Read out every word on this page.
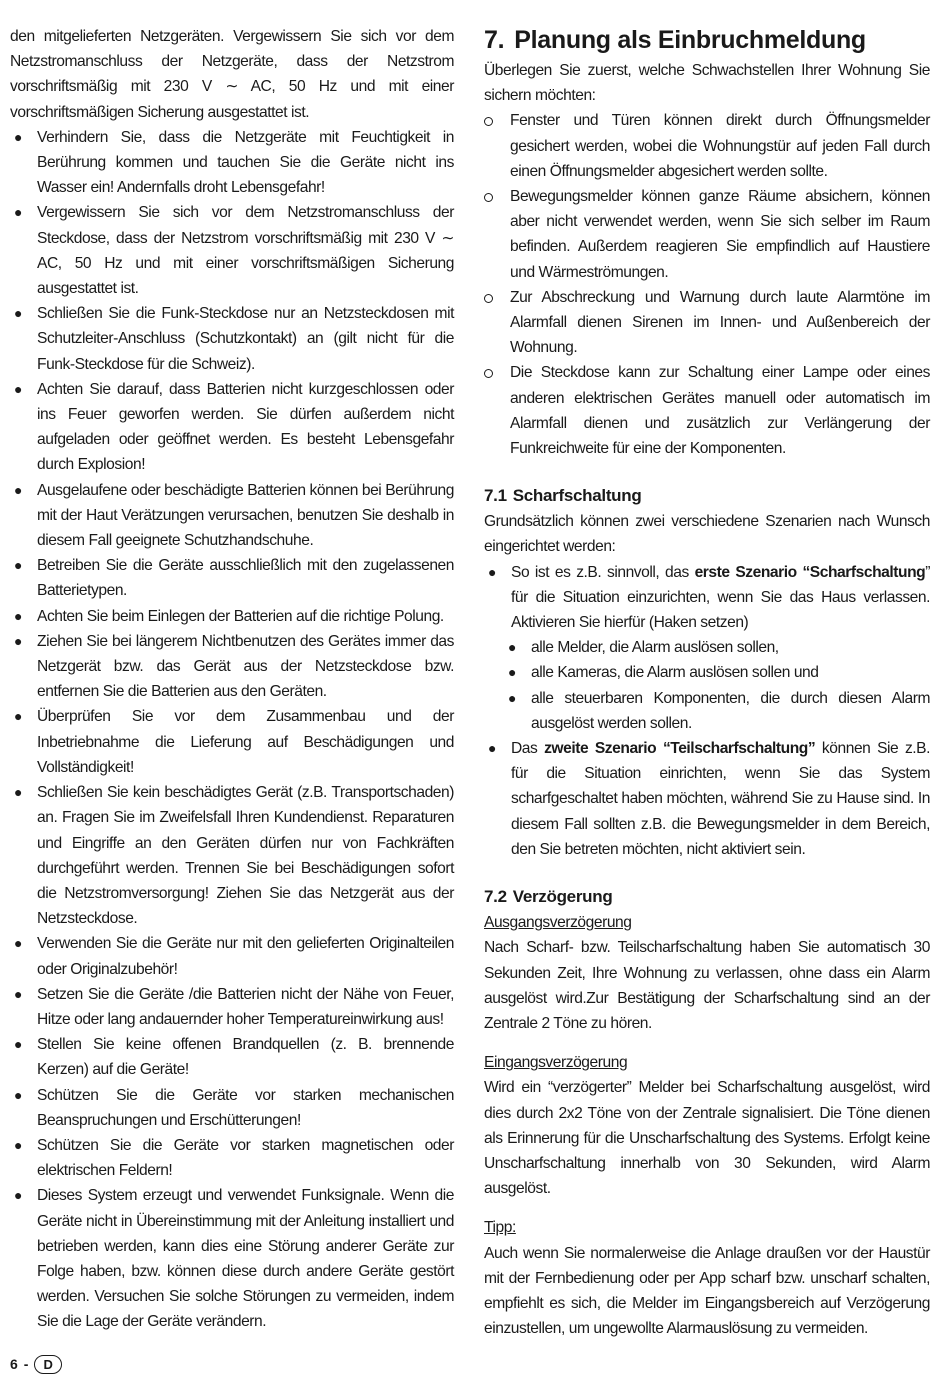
den mitgelieferten Netzgeräten. Vergewissern Sie sich vor dem Netzstromanschluss der Netzgeräte, dass der Netzstrom vorschriftsmäßig mit 230 V ∼ AC, 50 Hz und mit einer vorschriftsmäßigen Sicherung ausgestattet ist.

● Verhindern Sie, dass die Netzgeräte mit Feuchtigkeit in Berührung kommen und tauchen Sie die Geräte nicht ins Wasser ein! Andernfalls droht Lebensgefahr!
● Vergewissern Sie sich vor dem Netzstromanschluss der Steckdose, dass der Netzstrom vorschriftsmäßig mit 230 V ∼ AC, 50 Hz und mit einer vorschriftsmäßigen Sicherung ausgestattet ist.
● Schließen Sie die Funk-Steckdose nur an Netzsteckdosen mit Schutzleiter-Anschluss (Schutzkontakt) an (gilt nicht für die Funk-Steckdose für die Schweiz).
● Achten Sie darauf, dass Batterien nicht kurzgeschlossen oder ins Feuer geworfen werden. Sie dürfen außerdem nicht aufgeladen oder geöffnet werden. Es besteht Lebensgefahr durch Explosion!
● Ausgelaufene oder beschädigte Batterien können bei Berührung mit der Haut Verätzungen verursachen, benutzen Sie deshalb in diesem Fall geeignete Schutzhandschuhe.
● Betreiben Sie die Geräte ausschließlich mit den zugelassenen Batterietypen.
● Achten Sie beim Einlegen der Batterien auf die richtige Polung.
● Ziehen Sie bei längerem Nichtbenutzen des Gerätes immer das Netzgerät bzw. das Gerät aus der Netzsteckdose bzw. entfernen Sie die Batterien aus den Geräten.
● Überprüfen Sie vor dem Zusammenbau und der Inbetriebnahme die Lieferung auf Beschädigungen und Vollständigkeit!
● Schließen Sie kein beschädigtes Gerät (z.B. Transportschaden) an. Fragen Sie im Zweifelsfall Ihren Kundendienst. Reparaturen und Eingriffe an den Geräten dürfen nur von Fachkräften durchgeführt werden. Trennen Sie bei Beschädigungen sofort die Netzstromversorgung! Ziehen Sie das Netzgerät aus der Netzsteckdose.
● Verwenden Sie die Geräte nur mit den gelieferten Originalteilen oder Originalzubehör!
● Setzen Sie die Geräte /die Batterien nicht der Nähe von Feuer, Hitze oder lang andauernder hoher Temperatureinwirkung aus!
● Stellen Sie keine offenen Brandquellen (z. B. brennende Kerzen) auf die Geräte!
● Schützen Sie die Geräte vor starken mechanischen Beanspruchungen und Erschütterungen!
● Schützen Sie die Geräte vor starken magnetischen oder elektrischen Feldern!
● Dieses System erzeugt und verwendet Funksignale. Wenn die Geräte nicht in Übereinstimmung mit der Anleitung installiert und betrieben werden, kann dies eine Störung anderer Geräte zur Folge haben, bzw. können diese durch andere Geräte gestört werden. Versuchen Sie solche Störungen zu vermeiden, indem Sie die Lage der Geräte verändern.
7. Planung als Einbruchmeldung

Überlegen Sie zuerst, welche Schwachstellen Ihrer Wohnung Sie sichern möchten:

Fenster und Türen können direkt durch Öffnungsmelder gesichert werden, wobei die Wohnungstür auf jeden Fall durch einen Öffnungsmelder abgesichert werden sollte.
Bewegungsmelder können ganze Räume absichern, können aber nicht verwendet werden, wenn Sie sich selber im Raum befinden. Außerdem reagieren Sie empfindlich auf Haustiere und Wärmeströmungen.
Zur Abschreckung und Warnung durch laute Alarmtöne im Alarmfall dienen Sirenen im Innen- und Außenbereich der Wohnung.
Die Steckdose kann zur Schaltung einer Lampe oder eines anderen elektrischen Gerätes manuell oder automatisch im Alarmfall dienen und zusätzlich zur Verlängerung der Funkreichweite für eine der Komponenten.
7.1 Scharfschaltung

Grundsätzlich können zwei verschiedene Szenarien nach Wunsch eingerichtet werden:

● So ist es z.B. sinnvoll, das erste Szenario “Scharfschaltung” für die Situation einzurichten, wenn Sie das Haus verlassen. Aktivieren Sie hierfür (Haken setzen)
● alle Melder, die Alarm auslösen sollen,
● alle Kameras, die Alarm auslösen sollen und
● alle steuerbaren Komponenten, die durch diesen Alarm ausgelöst werden sollen.
● Das zweite Szenario “Teilscharfschaltung” können Sie z.B. für die Situation einrichten, wenn Sie das System scharfgeschaltet haben möchten, während Sie zu Hause sind. In diesem Fall sollten z.B. die Bewegungsmelder in dem Bereich, den Sie betreten möchten, nicht aktiviert sein.
7.2 Verzögerung
Ausgangsverzögerung

Nach Scharf- bzw. Teilscharfschaltung haben Sie automatisch 30 Sekunden Zeit, Ihre Wohnung zu verlassen, ohne dass ein Alarm ausgelöst wird.Zur Bestätigung der Scharfschaltung sind an der Zentrale 2 Töne zu hören.

Eingangsverzögerung

Wird ein “verzögerter” Melder bei Scharfschaltung ausgelöst, wird dies durch 2x2 Töne von der Zentrale signalisiert. Die Töne dienen als Erinnerung für die Unscharfschaltung des Systems. Erfolgt keine Unscharfschaltung innerhalb von 30 Sekunden, wird Alarm ausgelöst.

Tipp:

Auch wenn Sie normalerweise die Anlage draußen vor der Haustür mit der Fernbedienung oder per App scharf bzw. unscharf schalten, empfiehlt es sich, die Melder im Eingangsbereich auf Verzögerung einzustellen, um ungewollte Alarmauslösung zu vermeiden.

6 -	D
